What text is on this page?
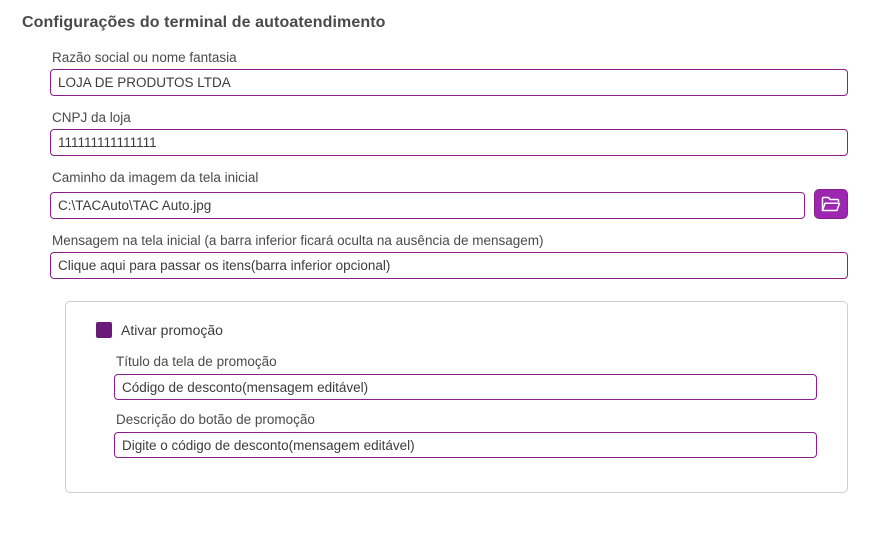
Configurações do terminal de autoatendimento
Razão social ou nome fantasia
LOJA DE PRODUTOS LTDA
CNPJ da loja
111111111111111
Caminho da imagem da tela inicial
C:\TACAuto\TAC Auto.jpg
Mensagem na tela inicial (a barra inferior ficará oculta na ausência de mensagem)
Clique aqui para passar os itens(barra inferior opcional)
Ativar promoção
Título da tela de promoção
Código de desconto(mensagem editável)
Descrição do botão de promoção
Digite o código de desconto(mensagem editável)
